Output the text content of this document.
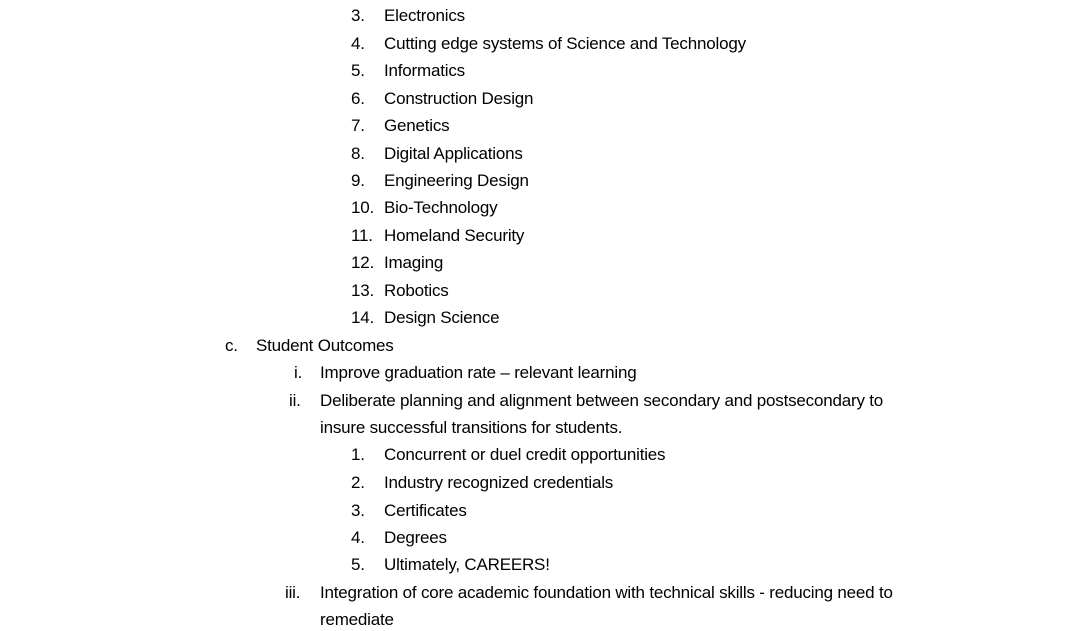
3. Electronics
4. Cutting edge systems of Science and Technology
5. Informatics
6. Construction Design
7. Genetics
8. Digital Applications
9. Engineering Design
10. Bio-Technology
11. Homeland Security
12. Imaging
13. Robotics
14. Design Science
c. Student Outcomes
i. Improve graduation rate – relevant learning
ii. Deliberate planning and alignment between secondary and postsecondary to
insure successful transitions for students.
1. Concurrent or duel credit opportunities
2. Industry recognized credentials
3. Certificates
4. Degrees
5. Ultimately, CAREERS!
iii. Integration of core academic foundation with technical skills - reducing need to
remediate
